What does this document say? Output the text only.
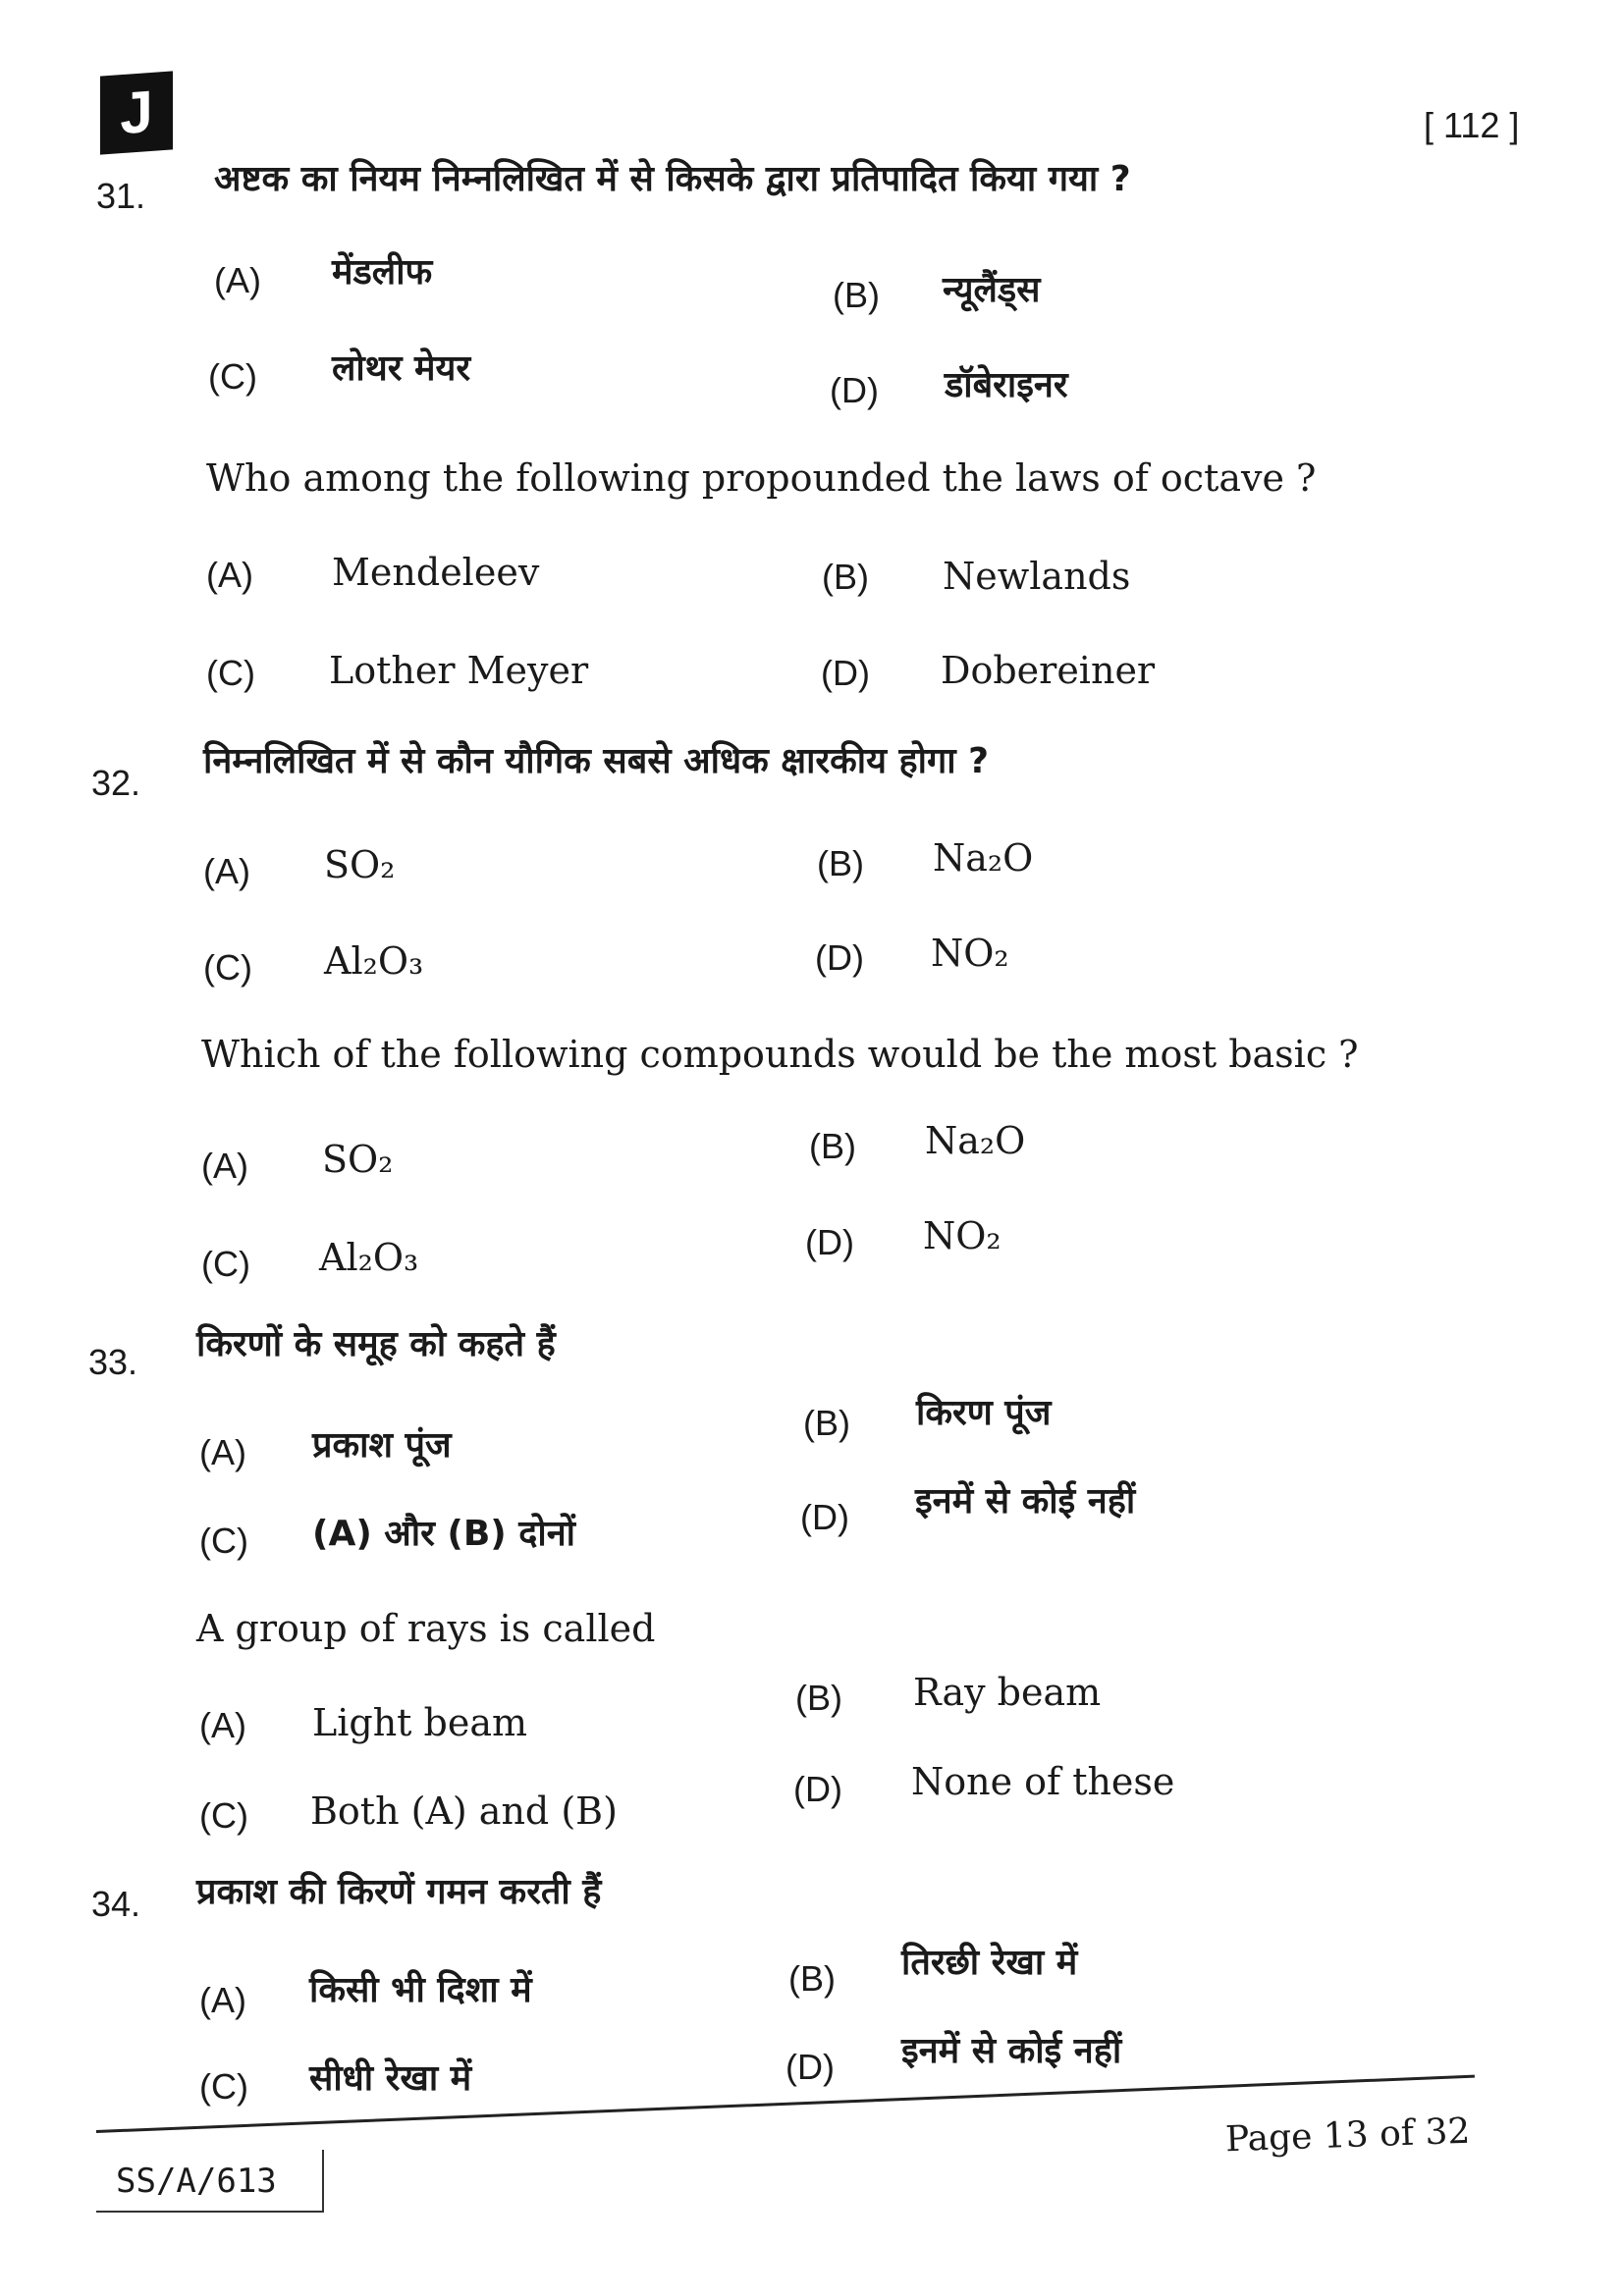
J	[ 112 ]
31. अष्टक का नियम निम्नलिखित में से किसके द्वारा प्रतिपादित किया गया ?
(A) मेंडलीफ
(B) न्यूलैंड्स
(C) लोथर मेयर
(D) डॉबेराइनर
Who among the following propounded the laws of octave ?
(A) Mendeleev	(B) Newlands
(C) Lother Meyer	(D) Dobereiner
32.
निम्नलिखित में से कौन यौगिक सबसे अधिक क्षारकीय होगा ?
(A) SO₂	(B) Na₂O
(C) Al₂O₃	(D) NO₂
Which of the following compounds would be the most basic ?
(A) SO₂	(B) Na₂O
(C) Al₂O₃	(D) NO₂
33. किरणों के समूह को कहते हैं
(A) प्रकाश पूंज
(B) किरण पूंज
(C) (A) और (B) दोनों	(D) इनमें से कोई नहीं
A group of rays is called
(A) Light beam
(B) Ray beam
(C) Both (A) and (B)
(D) None of these
34. प्रकाश की किरणें गमन करती हैं
(A) किसी भी दिशा में	(B) तिरछी रेखा में
(C) सीधी रेखा में	(D) इनमें से कोई नहीं
Page 13 of 32
SS/A/613
